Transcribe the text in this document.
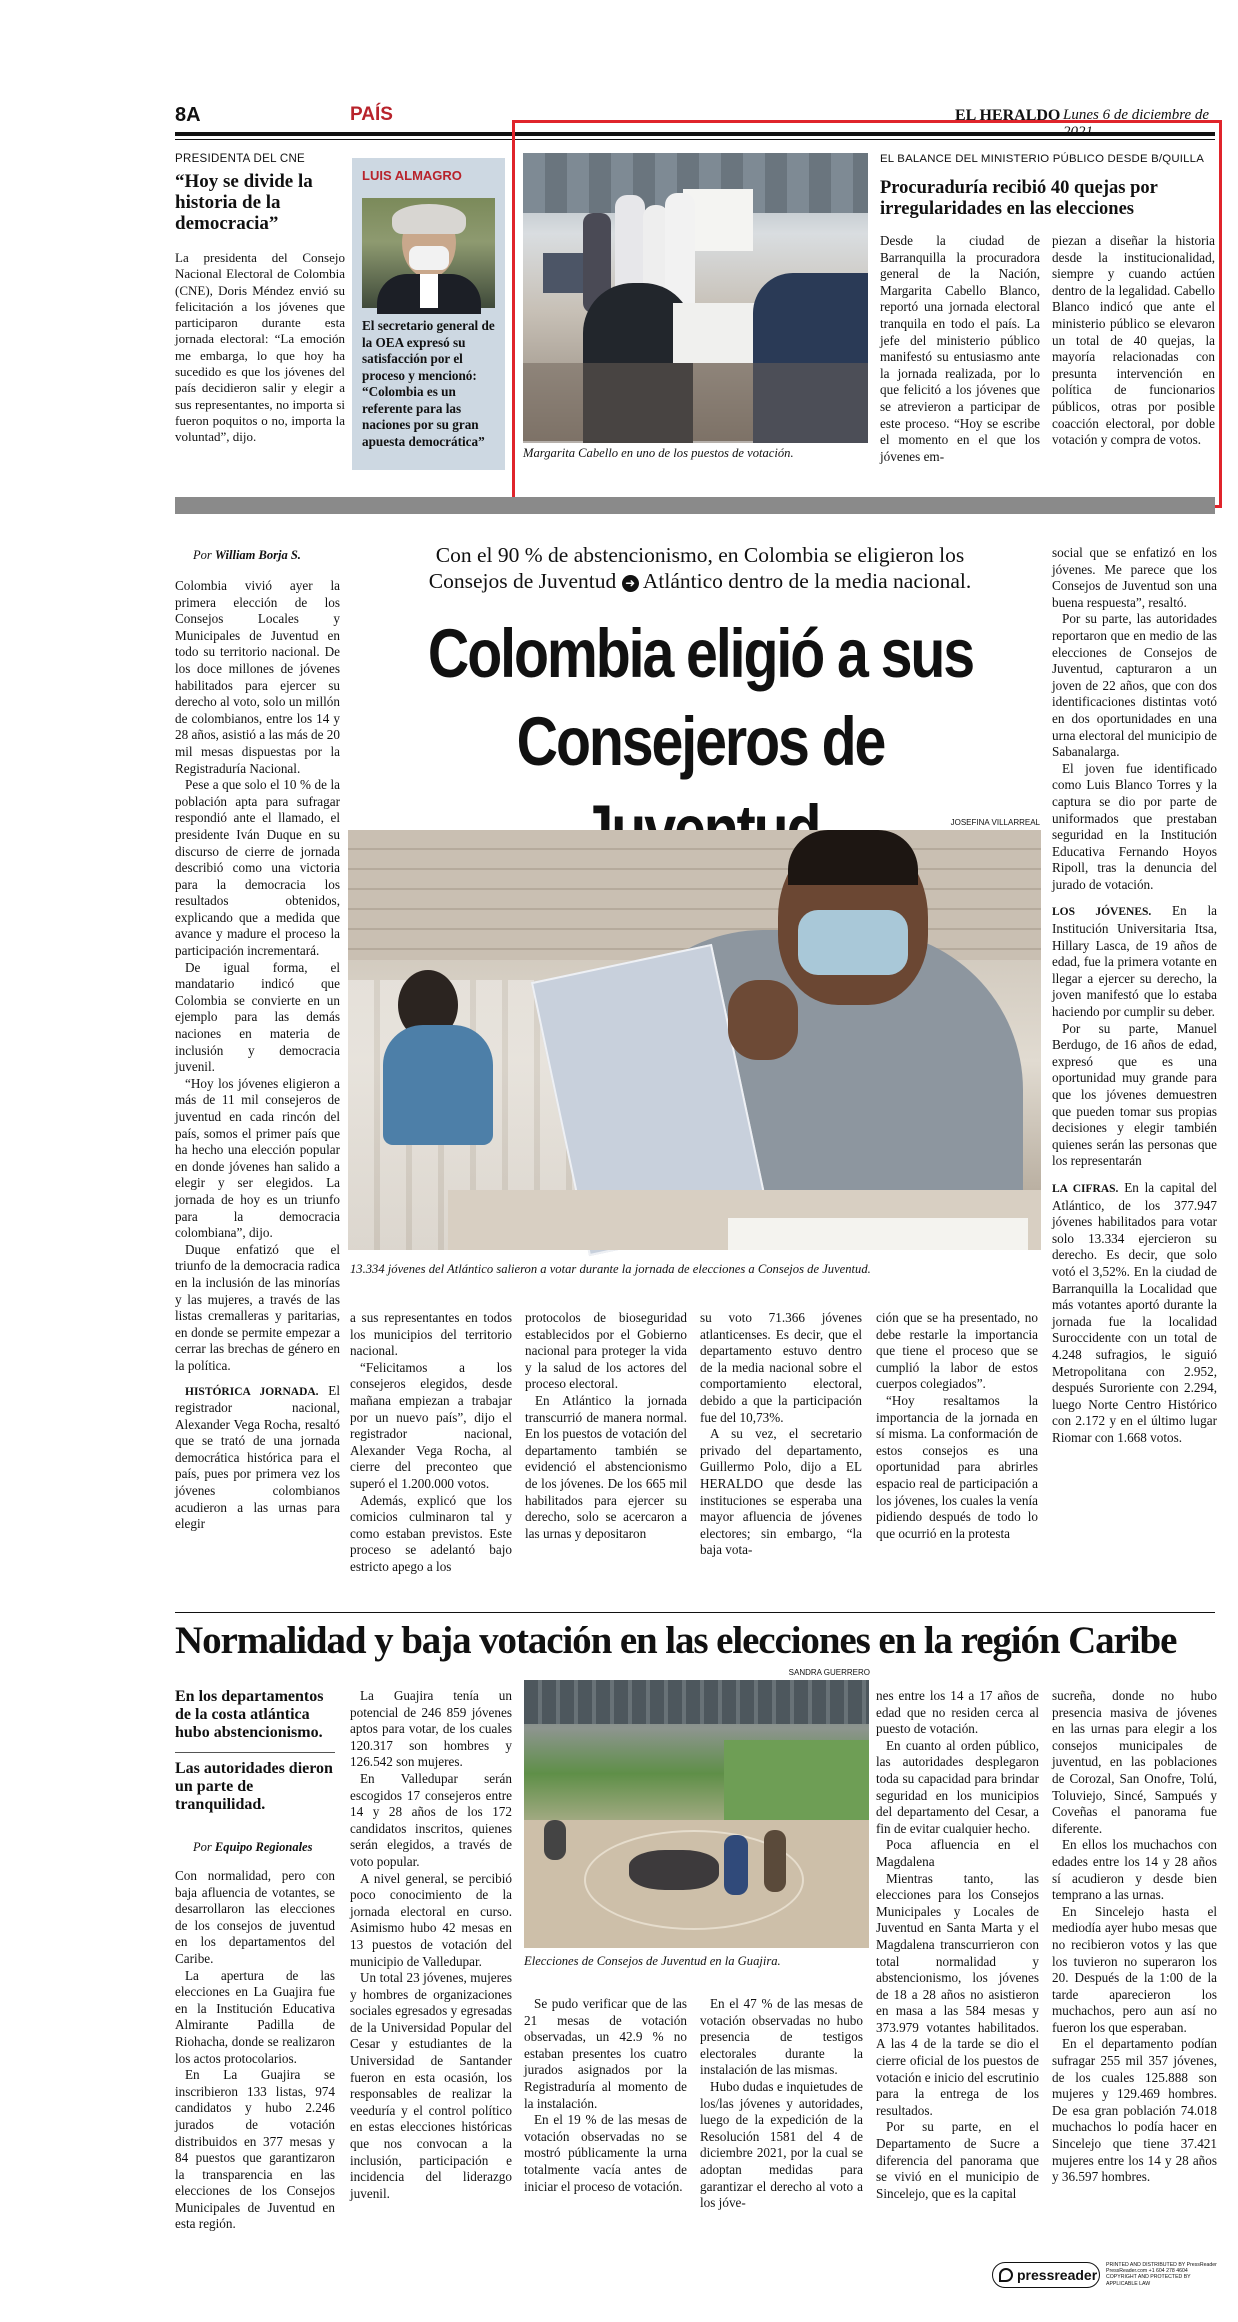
8A	PAÍS	EL HERALDO Lunes 6 de diciembre de
PRESIDENTA DEL CNE
“Hoy se divide la historia de la democracia”
La presidenta del Consejo Nacional Electoral de Colombia (CNE), Doris Méndez envió su felicitación a los jóvenes que participaron durante esta jornada electoral: “La emoción me embarga, lo que hoy ha sucedido es que los jóvenes del país decidieron salir y elegir a sus representantes, no importa si fueron poquitos o no, importa la voluntad”, dijo.
LUIS ALMAGRO
El secretario general de la OEA expresó su satisfacción por el proceso y mencionó: “Colombia es un referente para las naciones por su gran apuesta democrática”
Margarita Cabello en uno de los puestos de votación.
EL BALANCE DEL MINISTERIO PÚBLICO DESDE B/QUILLA
Procuraduría recibió 40 quejas por irregularidades en las elecciones
Desde la ciudad de Barranquilla la procuradora general de la Nación, Margarita Cabello Blanco, reportó una jornada electoral tranquila en todo el país. La jefe del ministerio público manifestó su entusiasmo ante la jornada realizada, por lo que felicitó a los jóvenes que se atrevieron a participar de este proceso. “Hoy se escribe el momento en el que los jóvenes em-
piezan a diseñar la historia desde la institucionalidad, siempre y cuando actúen dentro de la legalidad. Cabello Blanco indicó que ante el ministerio público se elevaron un total de 40 quejas, la mayoría relacionadas con presunta intervención en política de funcionarios públicos, otras por posible coacción electoral, por doble votación y compra de votos.
Por William Borja S.

Colombia vivió ayer la primera elección de los Consejos Locales y Municipales de Juventud en todo su territorio nacional. De los doce millones de jóvenes habilitados para ejercer su derecho al voto, solo un millón de colombianos, entre los 14 y 28 años, asistió a las más de 20 mil mesas dispuestas por la Registraduría Nacional.

Pese a que solo el 10 % de la población apta para sufragar respondió ante el llamado, el presidente Iván Duque en su discurso de cierre de jornada describió como una victoria para la democracia los resultados obtenidos, explicando que a medida que avance y madure el proceso la participación incrementará.

De igual forma, el mandatario indicó que Colombia se convierte en un ejemplo para las demás naciones en materia de inclusión y democracia juvenil.

“Hoy los jóvenes eligieron a más de 11 mil consejeros de juventud en cada rincón del país, somos el primer país que ha hecho una elección popular en donde jóvenes han salido a elegir y ser elegidos. La jornada de hoy es un triunfo para la democracia colombiana”, dijo.

Duque enfatizó que el triunfo de la democracia radica en la inclusión de las minorías y las mujeres, a través de las listas cremalleras y paritarias, en donde se permite empezar a cerrar las brechas de género en la política.

HISTÓRICA JORNADA. El registrador nacional, Alexander Vega Rocha, resaltó que se trató de una jornada democrática histórica para el país, pues por primera vez los jóvenes colombianos acudieron a las urnas para elegir

Con el 90 % de abstencionismo, en Colombia se eligieron los
Consejos de Juventud ➜ Atlántico dentro de la media nacional.
Colombia eligió a sus
Consejeros de
JOSEFINA VILLARREAL
13.334 jóvenes del Atlántico salieron a votar durante la jornada de elecciones a Consejos de Juventud.

a sus representantes en todos los municipios del territorio nacional.

“Felicitamos a los consejeros elegidos, desde mañana empiezan a trabajar por un nuevo país”, dijo el registrador nacional, Alexander Vega Rocha, al cierre del preconteo que superó el 1.200.000 votos.

Además, explicó que los comicios culminaron tal y como estaban previstos. Este proceso se adelantó bajo estricto apego a los

protocolos de bioseguridad establecidos por el Gobierno nacional para proteger la vida y la salud de los actores del proceso electoral.

En Atlántico la jornada transcurrió de manera normal. En los puestos de votación del departamento también se evidenció el abstencionismo de los jóvenes. De los 665 mil habilitados para ejercer su derecho, solo se acercaron a las urnas y depositaron

su voto 71.366 jóvenes atlanticenses. Es decir, que el departamento estuvo dentro de la media nacional sobre el comportamiento electoral, debido a que la participación fue del 10,73%.

A su vez, el secretario privado del departamento, Guillermo Polo, dijo a EL HERALDO que desde las instituciones se esperaba una mayor afluencia de jóvenes electores; sin embargo, “la baja vota-

ción que se ha presentado, no debe restarle la importancia que tiene el proceso que se cumplió la labor de estos cuerpos colegiados”.

“Hoy resaltamos la importancia de la jornada en sí misma. La conformación de estos consejos es una oportunidad para abrirles espacio real de participación a los jóvenes, los cuales la venía pidiendo después de todo lo que ocurrió en la protesta

social que se enfatizó en los jóvenes. Me parece que los Consejos de Juventud son una buena respuesta”, resaltó.

Por su parte, las autoridades reportaron que en medio de las elecciones de Consejos de Juventud, capturaron a un joven de 22 años, que con dos identificaciones distintas votó en dos oportunidades en una urna electoral del municipio de Sabanalarga.

El joven fue identificado como Luis Blanco Torres y la captura se dio por parte de uniformados que prestaban seguridad en la Institución Educativa Fernando Hoyos Ripoll, tras la denuncia del jurado de votación.

LOS JÓVENES. En la Institución Universitaria Itsa, Hillary Lasca, de 19 años de edad, fue la primera votante en llegar a ejercer su derecho, la joven manifestó que lo estaba haciendo por cumplir su deber.

Por su parte, Manuel Berdugo, de 16 años de edad, expresó que es una oportunidad muy grande para que los jóvenes demuestren que pueden tomar sus propias decisiones y elegir también quienes serán las personas que los representarán

LA CIFRAS. En la capital del Atlántico, de los 377.947 jóvenes habilitados para votar solo 13.334 ejercieron su derecho. Es decir, que solo votó el 3,52%. En la ciudad de Barranquilla la Localidad que más votantes aportó durante la jornada fue la localidad Suroccidente con un total de 4.248 sufragios, le siguió Metropolitana con 2.952, después Suroriente con 2.294, luego Norte Centro Histórico con 2.172 y en el último lugar Riomar con 1.668 votos.

Normalidad y baja votación en las elecciones en la región Caribe
SANDRA GUERRERO
En los departamentos de la costa atlántica hubo abstencionismo.
Las autoridades dieron un parte de tranquilidad.
Por Equipo Regionales

Con normalidad, pero con baja afluencia de votantes, se desarrollaron las elecciones de los consejos de juventud en los departamentos del Caribe.

La apertura de las elecciones en La Guajira fue en la Institución Educativa Almirante Padilla de Riohacha, donde se realizaron los actos protocolarios.

En La Guajira se inscribieron 133 listas, 974 candidatos y hubo 2.246 jurados de votación distribuidos en 377 mesas y 84 puestos que garantizaron la transparencia en las elecciones de los Consejos Municipales de Juventud en esta región.

La Guajira tenía un potencial de 246 859 jóvenes aptos para votar, de los cuales 120.317 son hombres y 126.542 son mujeres.

En Valledupar serán escogidos 17 consejeros entre 14 y 28 años de los 172 candidatos inscritos, quienes serán elegidos, a través de voto popular.

A nivel general, se percibió poco conocimiento de la jornada electoral en curso. Asimismo hubo 42 mesas en 13 puestos de votación del municipio de Valledupar.

Un total 23 jóvenes, mujeres y hombres de organizaciones sociales egresados y egresadas de la Universidad Popular del Cesar y estudiantes de la Universidad de Santander fueron en esta ocasión, los responsables de realizar la veeduría y el control político en estas elecciones históricas que nos convocan a la inclusión, participación e incidencia del liderazgo juvenil.

Elecciones de Consejos de Juventud en la Guajira.

Se pudo verificar que de las 21 mesas de votación observadas, un 42.9 % no estaban presentes los cuatro jurados asignados por la Registraduría al momento de la instalación.

En el 19 % de las mesas de votación observadas no se mostró públicamente la urna totalmente vacía antes de iniciar el proceso de votación.

En el 47 % de las mesas de votación observadas no hubo presencia de testigos electorales durante la instalación de las mismas.

Hubo dudas e inquietudes de los/las jóvenes y autoridades, luego de la expedición de la Resolución 1581 del 4 de diciembre 2021, por la cual se adoptan medidas para garantizar el derecho al voto a los jóve-

nes entre los 14 a 17 años de edad que no residen cerca al puesto de votación.

En cuanto al orden público, las autoridades desplegaron toda su capacidad para brindar seguridad en los municipios del departamento del Cesar, a fin de evitar cualquier hecho.

Poca afluencia en el Magdalena

Mientras tanto, las elecciones para los Consejos Municipales y Locales de Juventud en Santa Marta y el Magdalena transcurrieron con total normalidad y abstencionismo, los jóvenes de 18 a 28 años no asistieron en masa a las 584 mesas y 373.979 votantes habilitados. A las 4 de la tarde se dio el cierre oficial de los puestos de votación e inicio del escrutinio para la entrega de los resultados.

Por su parte, en el Departamento de Sucre a diferencia del panorama que se vivió en el municipio de Sincelejo, que es la capital

sucreña, donde no hubo presencia masiva de jóvenes en las urnas para elegir a los consejos municipales de juventud, en las poblaciones de Corozal, San Onofre, Tolú, Toluviejo, Sincé, Sampués y Coveñas el panorama fue diferente.

En ellos los muchachos con edades entre los 14 y 28 años sí acudieron y desde bien temprano a las urnas.

En Sincelejo hasta el mediodía ayer hubo mesas que no recibieron votos y las que los tuvieron no superaron los 20. Después de la 1:00 de la tarde aparecieron los muchachos, pero aun así no fueron los que esperaban.

En el departamento podían sufragar 255 mil 357 jóvenes, de los cuales 125.888 son mujeres y 129.469 hombres. De esa gran población 74.018 muchachos lo podía hacer en Sincelejo que tiene 37.421 mujeres entre los 14 y 28 años y 36.597 hombres.

pressreader
PRINTED AND DISTRIBUTED BY PressReader PressReader.com +1 604 278 4604 COPYRIGHT AND PROTECTED BY APPLICABLE LAW
